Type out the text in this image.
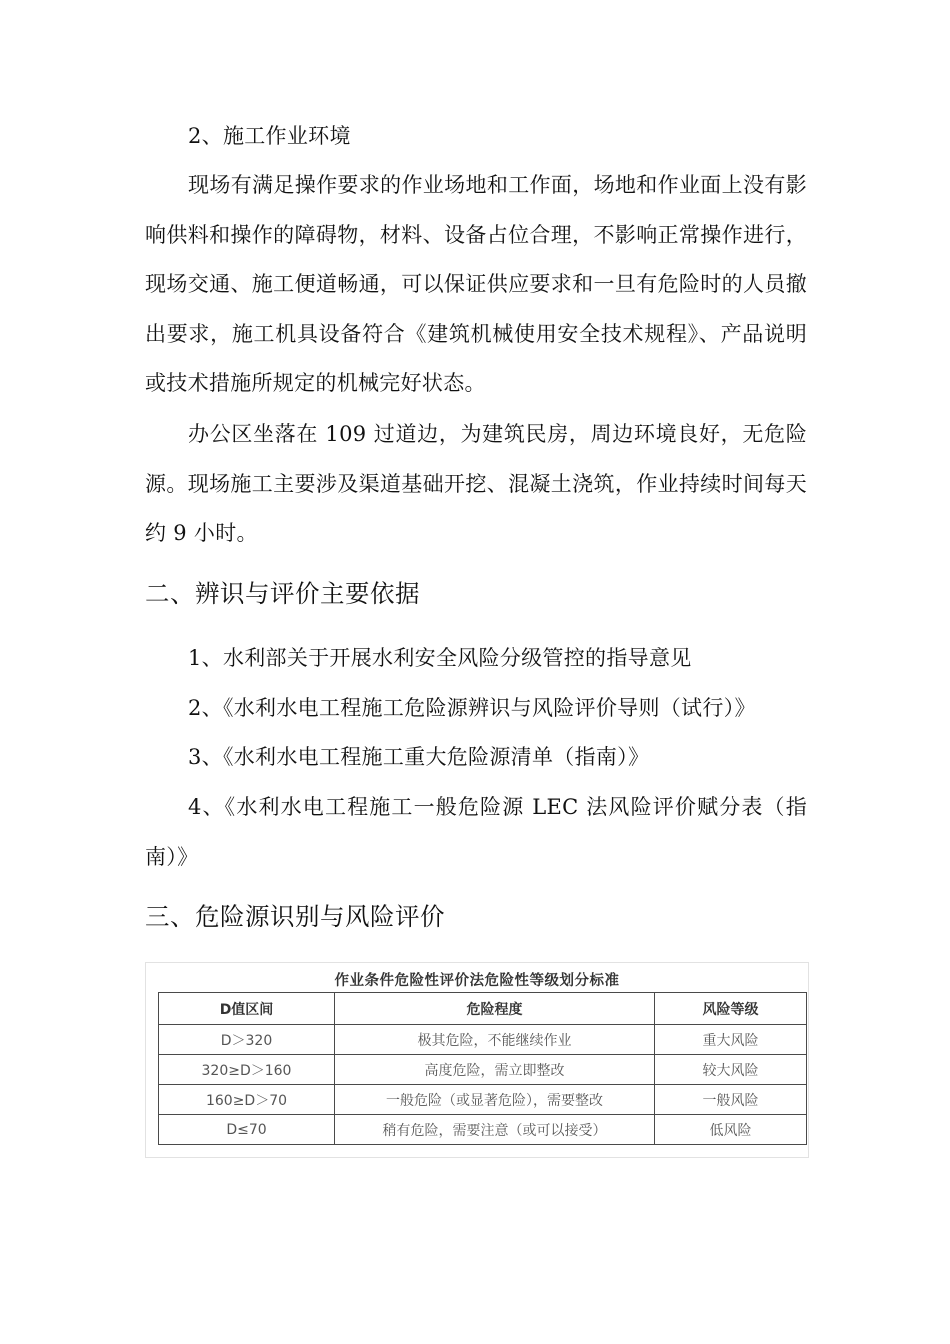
2、施工作业环境
现场有满足操作要求的作业场地和工作面，场地和作业面上没有影响供料和操作的障碍物，材料、设备占位合理，不影响正常操作进行，现场交通、施工便道畅通，可以保证供应要求和一旦有危险时的人员撤出要求，施工机具设备符合《建筑机械使用安全技术规程》、产品说明或技术措施所规定的机械完好状态。
办公区坐落在 109 过道边，为建筑民房，周边环境良好，无危险源。现场施工主要涉及渠道基础开挖、混凝土浇筑，作业持续时间每天约 9 小时。
二、辨识与评价主要依据
1、水利部关于开展水利安全风险分级管控的指导意见
2、《水利水电工程施工危险源辨识与风险评价导则（试行）》
3、《水利水电工程施工重大危险源清单（指南）》
4、《水利水电工程施工一般危险源 LEC 法风险评价赋分表（指南）》
三、危险源识别与风险评价
作业条件危险性评价法危险性等级划分标准
D值区间	危险程度	风险等级
D＞320	极其危险，不能继续作业	重大风险
320≥D＞160	高度危险，需立即整改	较大风险
160≥D＞70	一般危险（或显著危险），需要整改	一般风险
D≤70	稍有危险，需要注意（或可以接受）	低风险
